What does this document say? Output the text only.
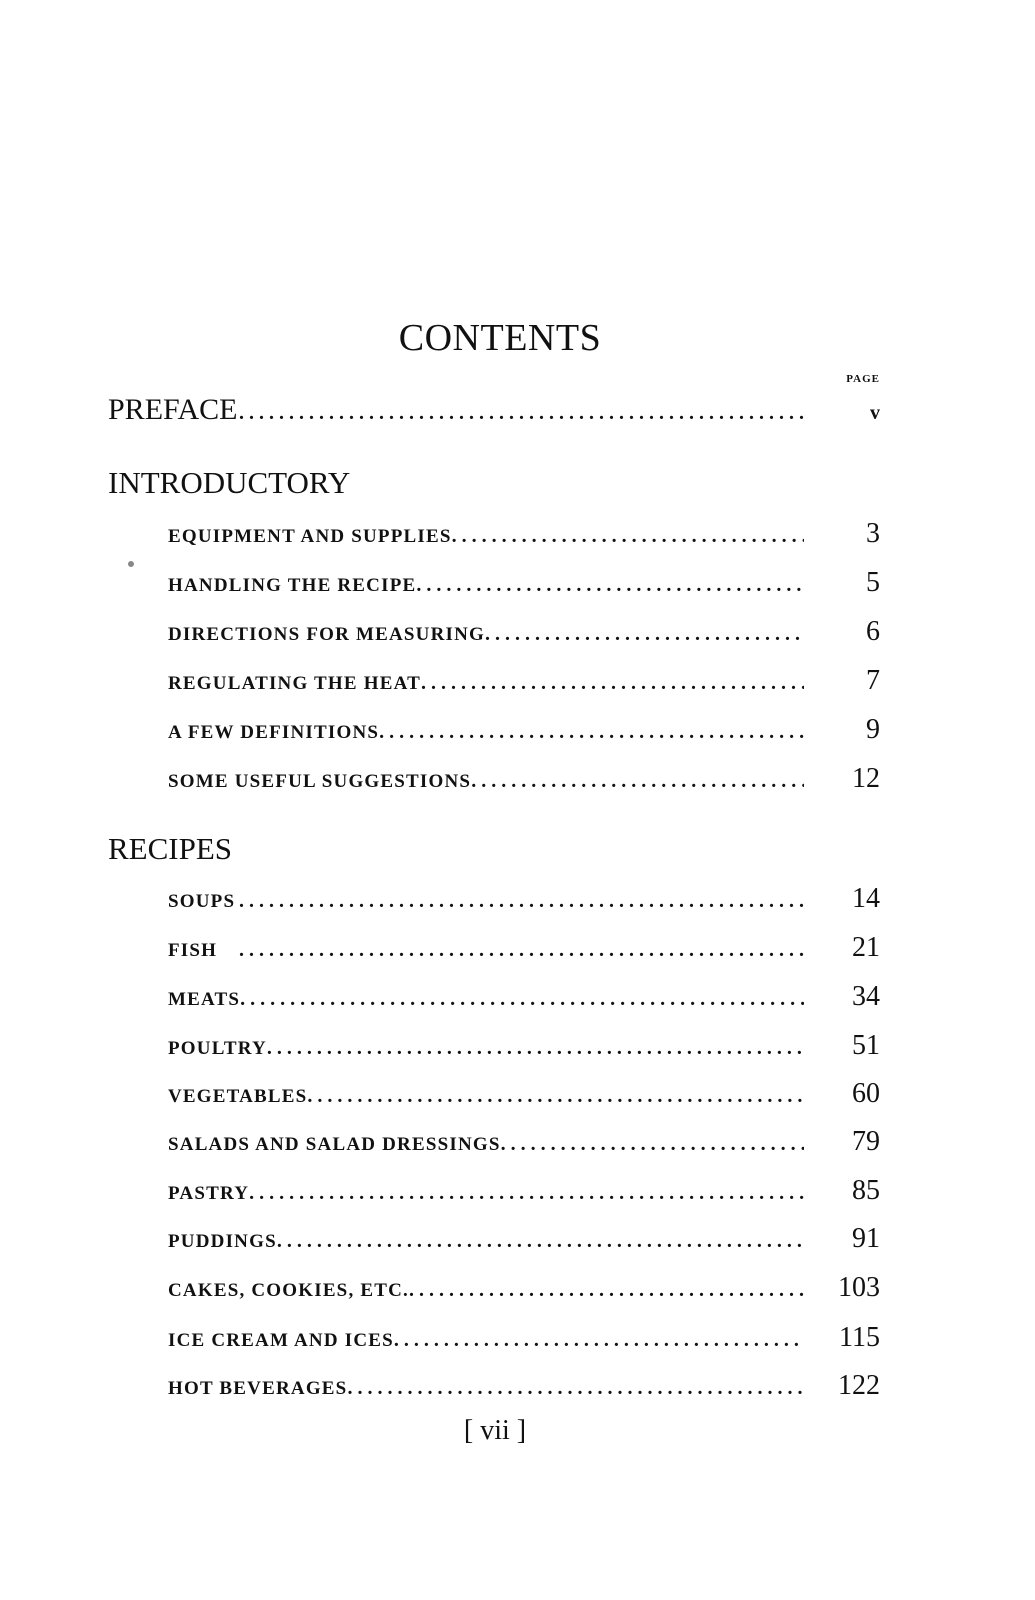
CONTENTS
PAGE
PREFACE . . .	v
INTRODUCTORY
EQUIPMENT AND SUPPLIES . . .	3
HANDLING THE RECIPE . . .	5
DIRECTIONS FOR MEASURING . . .	6
REGULATING THE HEAT . . .	7
A FEW DEFINITIONS . . .	9
SOME USEFUL SUGGESTIONS . . .	12
RECIPES
SOUPS . . .	14
FISH . . .	21
MEATS . . .	34
POULTRY . . .	51
VEGETABLES . . .	60
SALADS AND SALAD DRESSINGS . . .	79
PASTRY . . .	85
PUDDINGS . . .	91
CAKES, COOKIES, ETC. . . .	103
ICE CREAM AND ICES . . .	115
HOT BEVERAGES . . .	122
[ vii ]
